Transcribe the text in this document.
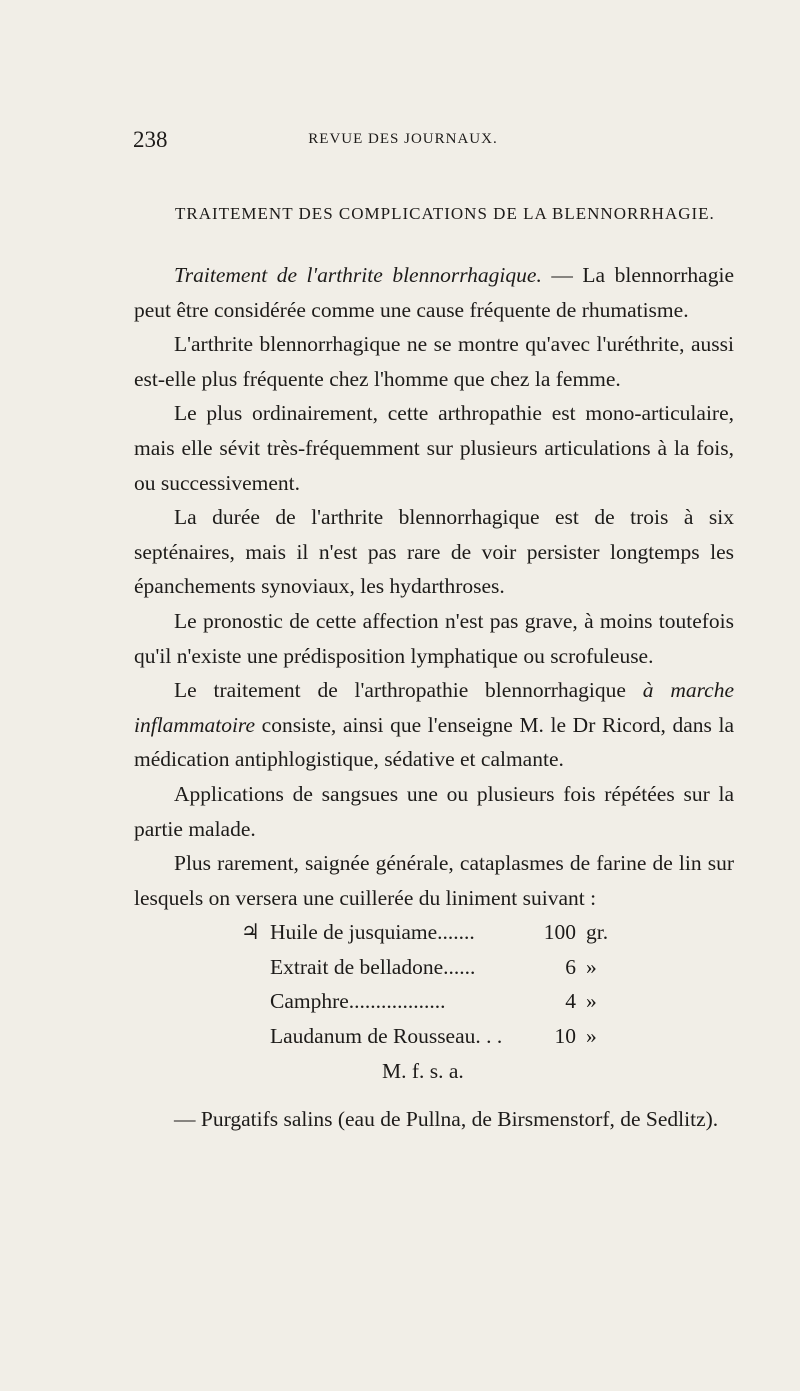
238	REVUE DES JOURNAUX.
TRAITEMENT DES COMPLICATIONS DE LA BLENNORRHAGIE.

Traitement de l'arthrite blennorrhagique. — La blennorrhagie peut être considérée comme une cause fréquente de rhumatisme.

L'arthrite blennorrhagique ne se montre qu'avec l'uréthrite, aussi est-elle plus fréquente chez l'homme que chez la femme.

Le plus ordinairement, cette arthropathie est mono-articulaire, mais elle sévit très-fréquemment sur plusieurs articulations à la fois, ou successivement.

La durée de l'arthrite blennorrhagique est de trois à six septénaires, mais il n'est pas rare de voir persister longtemps les épanchements synoviaux, les hydarthroses.

Le pronostic de cette affection n'est pas grave, à moins toutefois qu'il n'existe une prédisposition lymphatique ou scrofuleuse.

Le traitement de l'arthropathie blennorrhagique à marche inflammatoire consiste, ainsi que l'enseigne M. le Dr Ricord, dans la médication antiphlogistique, sédative et calmante.

Applications de sangsues une ou plusieurs fois répétées sur la partie malade.

Plus rarement, saignée générale, cataplasmes de farine de lin sur lesquels on versera une cuillerée du liniment suivant :

♃ Huile de jusquiame.......	100 gr.
Extrait de belladone......	6 »
Camphre..................	4 »
Laudanum de Rousseau. . .	10 »
M. f. s. a.

— Purgatifs salins (eau de Pullna, de Birsmenstorf, de Sedlitz).
